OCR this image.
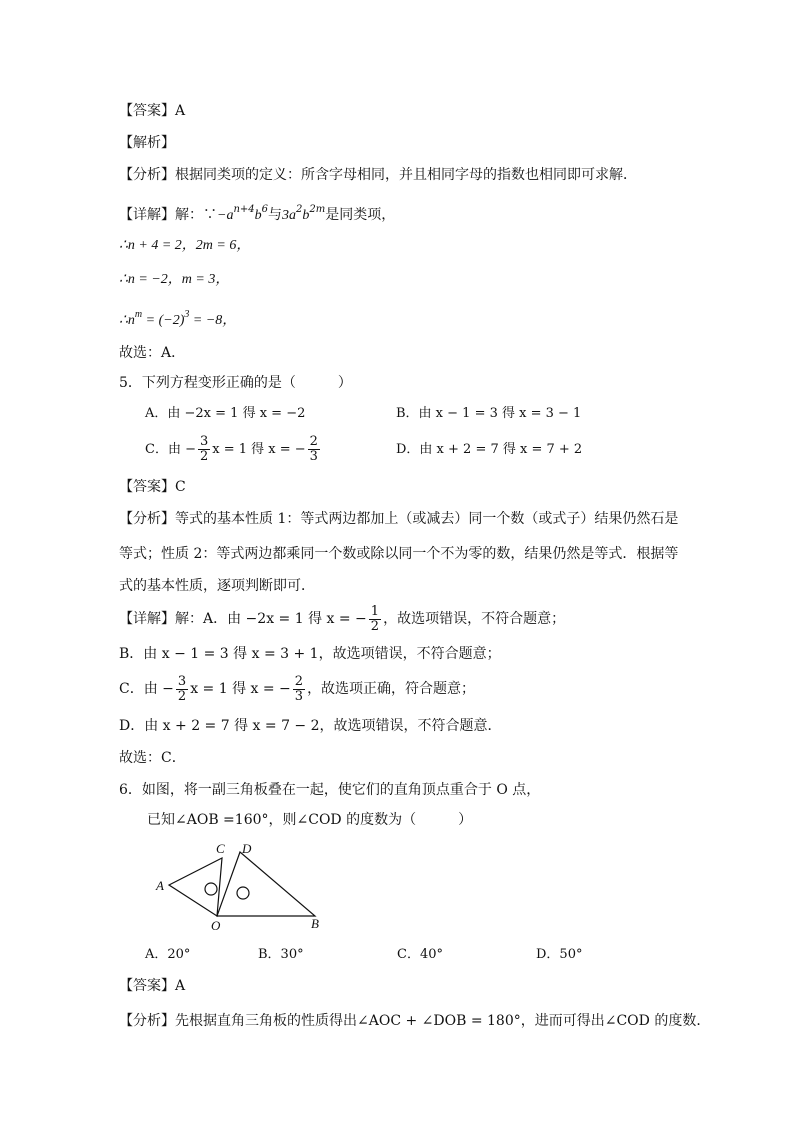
【答案】A
【解析】
【分析】根据同类项的定义：所含字母相同，并且相同字母的指数也相同即可求解．
【详解】解：$\because-a^{n+4}b^6$与$3a^2b^{2m}$是同类项，
∴n + 4 = 2，2m = 6，
∴n = −2，m = 3，
$\therefore n^m = (-2)^3 = -8$，
故选：A．
5．下列方程变形正确的是（　　　）
A．由 −2x = 1 得 x = −2	B．由 x − 1 = 3 得 x = 3 − 1
C．由 − $\frac{3}{2}$ x = 1 得 x = − $\frac{2}{3}$	D．由 x + 2 = 7 得 x = 7 + 2
【答案】C
【分析】等式的基本性质 1：等式两边都加上（或减去）同一个数（或式子）结果仍然石是
等式；性质 2：等式两边都乘同一个数或除以同一个不为零的数，结果仍然是等式．根据等
式的基本性质，逐项判断即可．
【详解】解：A．由 −2x = 1 得 x = − $\frac{1}{2}$ ，故选项错误，不符合题意；
B．由 x − 1 = 3 得 x = 3 + 1，故选项错误，不符合题意；
C．由 − $\frac{3}{2}$ x = 1 得 x = − $\frac{2}{3}$ ，故选项正确，符合题意；
D．由 x + 2 = 7 得 x = 7 − 2，故选项错误，不符合题意．
故选：C．
6．如图，将一副三角板叠在一起，使它们的直角顶点重合于 O 点，
已知∠AOB =160°，则∠COD 的度数为（　　　）
C D
A
O	B
A．20°	B．30°	C．40°	D．50°
【答案】A
【分析】先根据直角三角板的性质得出∠AOC + ∠DOB = 180°，进而可得出∠COD 的度数．
